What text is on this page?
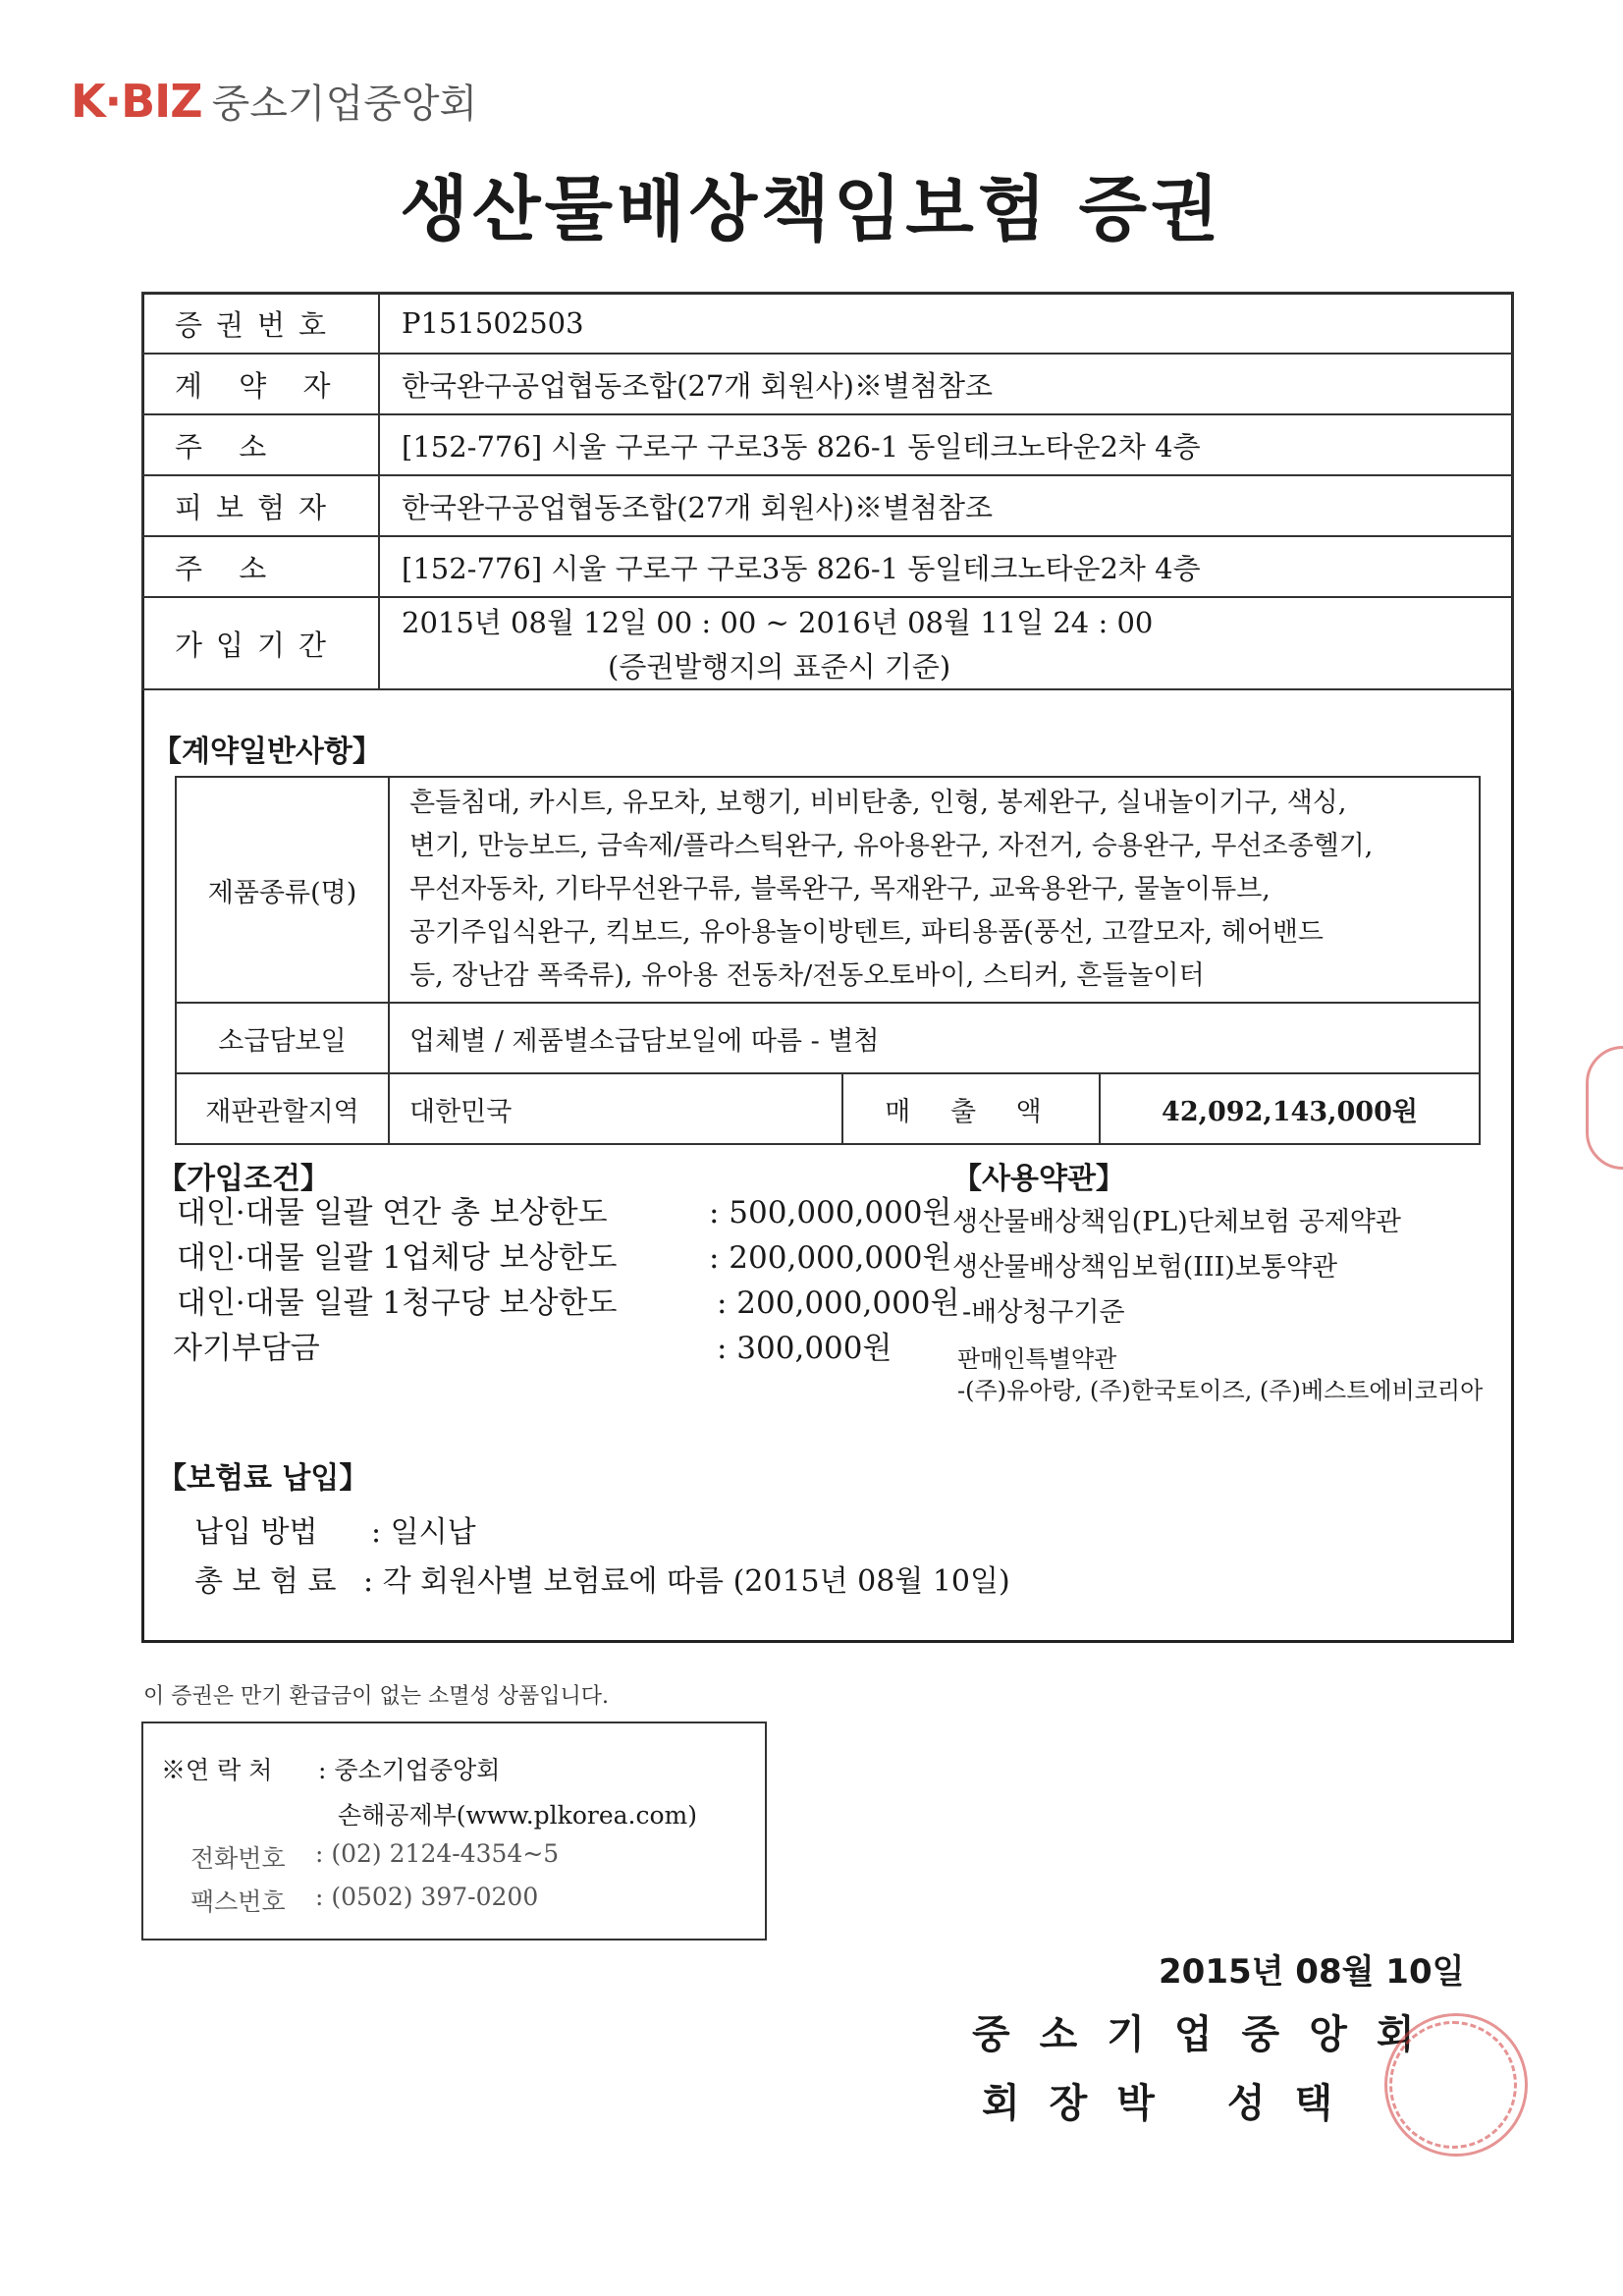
K·BIZ 중소기업중앙회
생산물배상책임보험 증권
증권번호	P151502503
계 약 자	한국완구공업협동조합(27개 회원사)※별첨참조
주 소	[152-776] 시울 구로구 구로3동 826-1 동일테크노타운2차 4층
피보험자	한국완구공업협동조합(27개 회원사)※별첨참조
주 소	[152-776] 시울 구로구 구로3동 826-1 동일테크노타운2차 4층
가입기간	2015년 08월 12일 00 : 00 ~ 2016년 08월 11일 24 : 00
(증권발행지의 표준시 기준)
【계약일반사항】
제품종류(명)	흔들침대, 카시트, 유모차, 보행기, 비비탄총, 인형, 봉제완구, 실내놀이기구, 색싱,
변기, 만능보드, 금속제/플라스틱완구, 유아용완구, 자전거, 승용완구, 무선조종헬기,
무선자동차, 기타무선완구류, 블록완구, 목재완구, 교육용완구, 물놀이튜브,
공기주입식완구, 킥보드, 유아용놀이방텐트, 파티용품(풍선, 고깔모자, 헤어밴드
등, 장난감 폭죽류), 유아용 전동차/전동오토바이, 스티커, 흔들놀이터		

소급담보일	업체별 / 제품별소급담보일에 따름 - 별첨		
재판관할지역	대한민국	매 출 액	42,092,143,000원
【가입조건】
대인·대물 일괄 연간 총 보상한도	: 500,000,000원
대인·대물 일괄 1업체당 보상한도	: 200,000,000원
대인·대물 일괄 1청구당 보상한도	: 200,000,000원
자기부담금	: 300,000원
【사용약관】
생산물배상책임(PL)단체보험 공제약관
생산물배상책임보험(III)보통약관
-배상청구기준
판매인특별약관
-(주)유아랑, (주)한국토이즈, (주)베스트에비코리아
【보험료 납입】
납입 방법 : 일시납
총 보 험 료 : 각 회원사별 보험료에 따름 (2015년 08월 10일)
이 증권은 만기 환급금이 없는 소멸성 상품입니다.
※연 락 처 : 중소기업중앙회
손해공제부(www.plkorea.com)
전화번호 : (02) 2124-4354~5
팩스번호 : (0502) 397-0200
2015년 08월 10일
중소기업중앙회
회장박 성택
